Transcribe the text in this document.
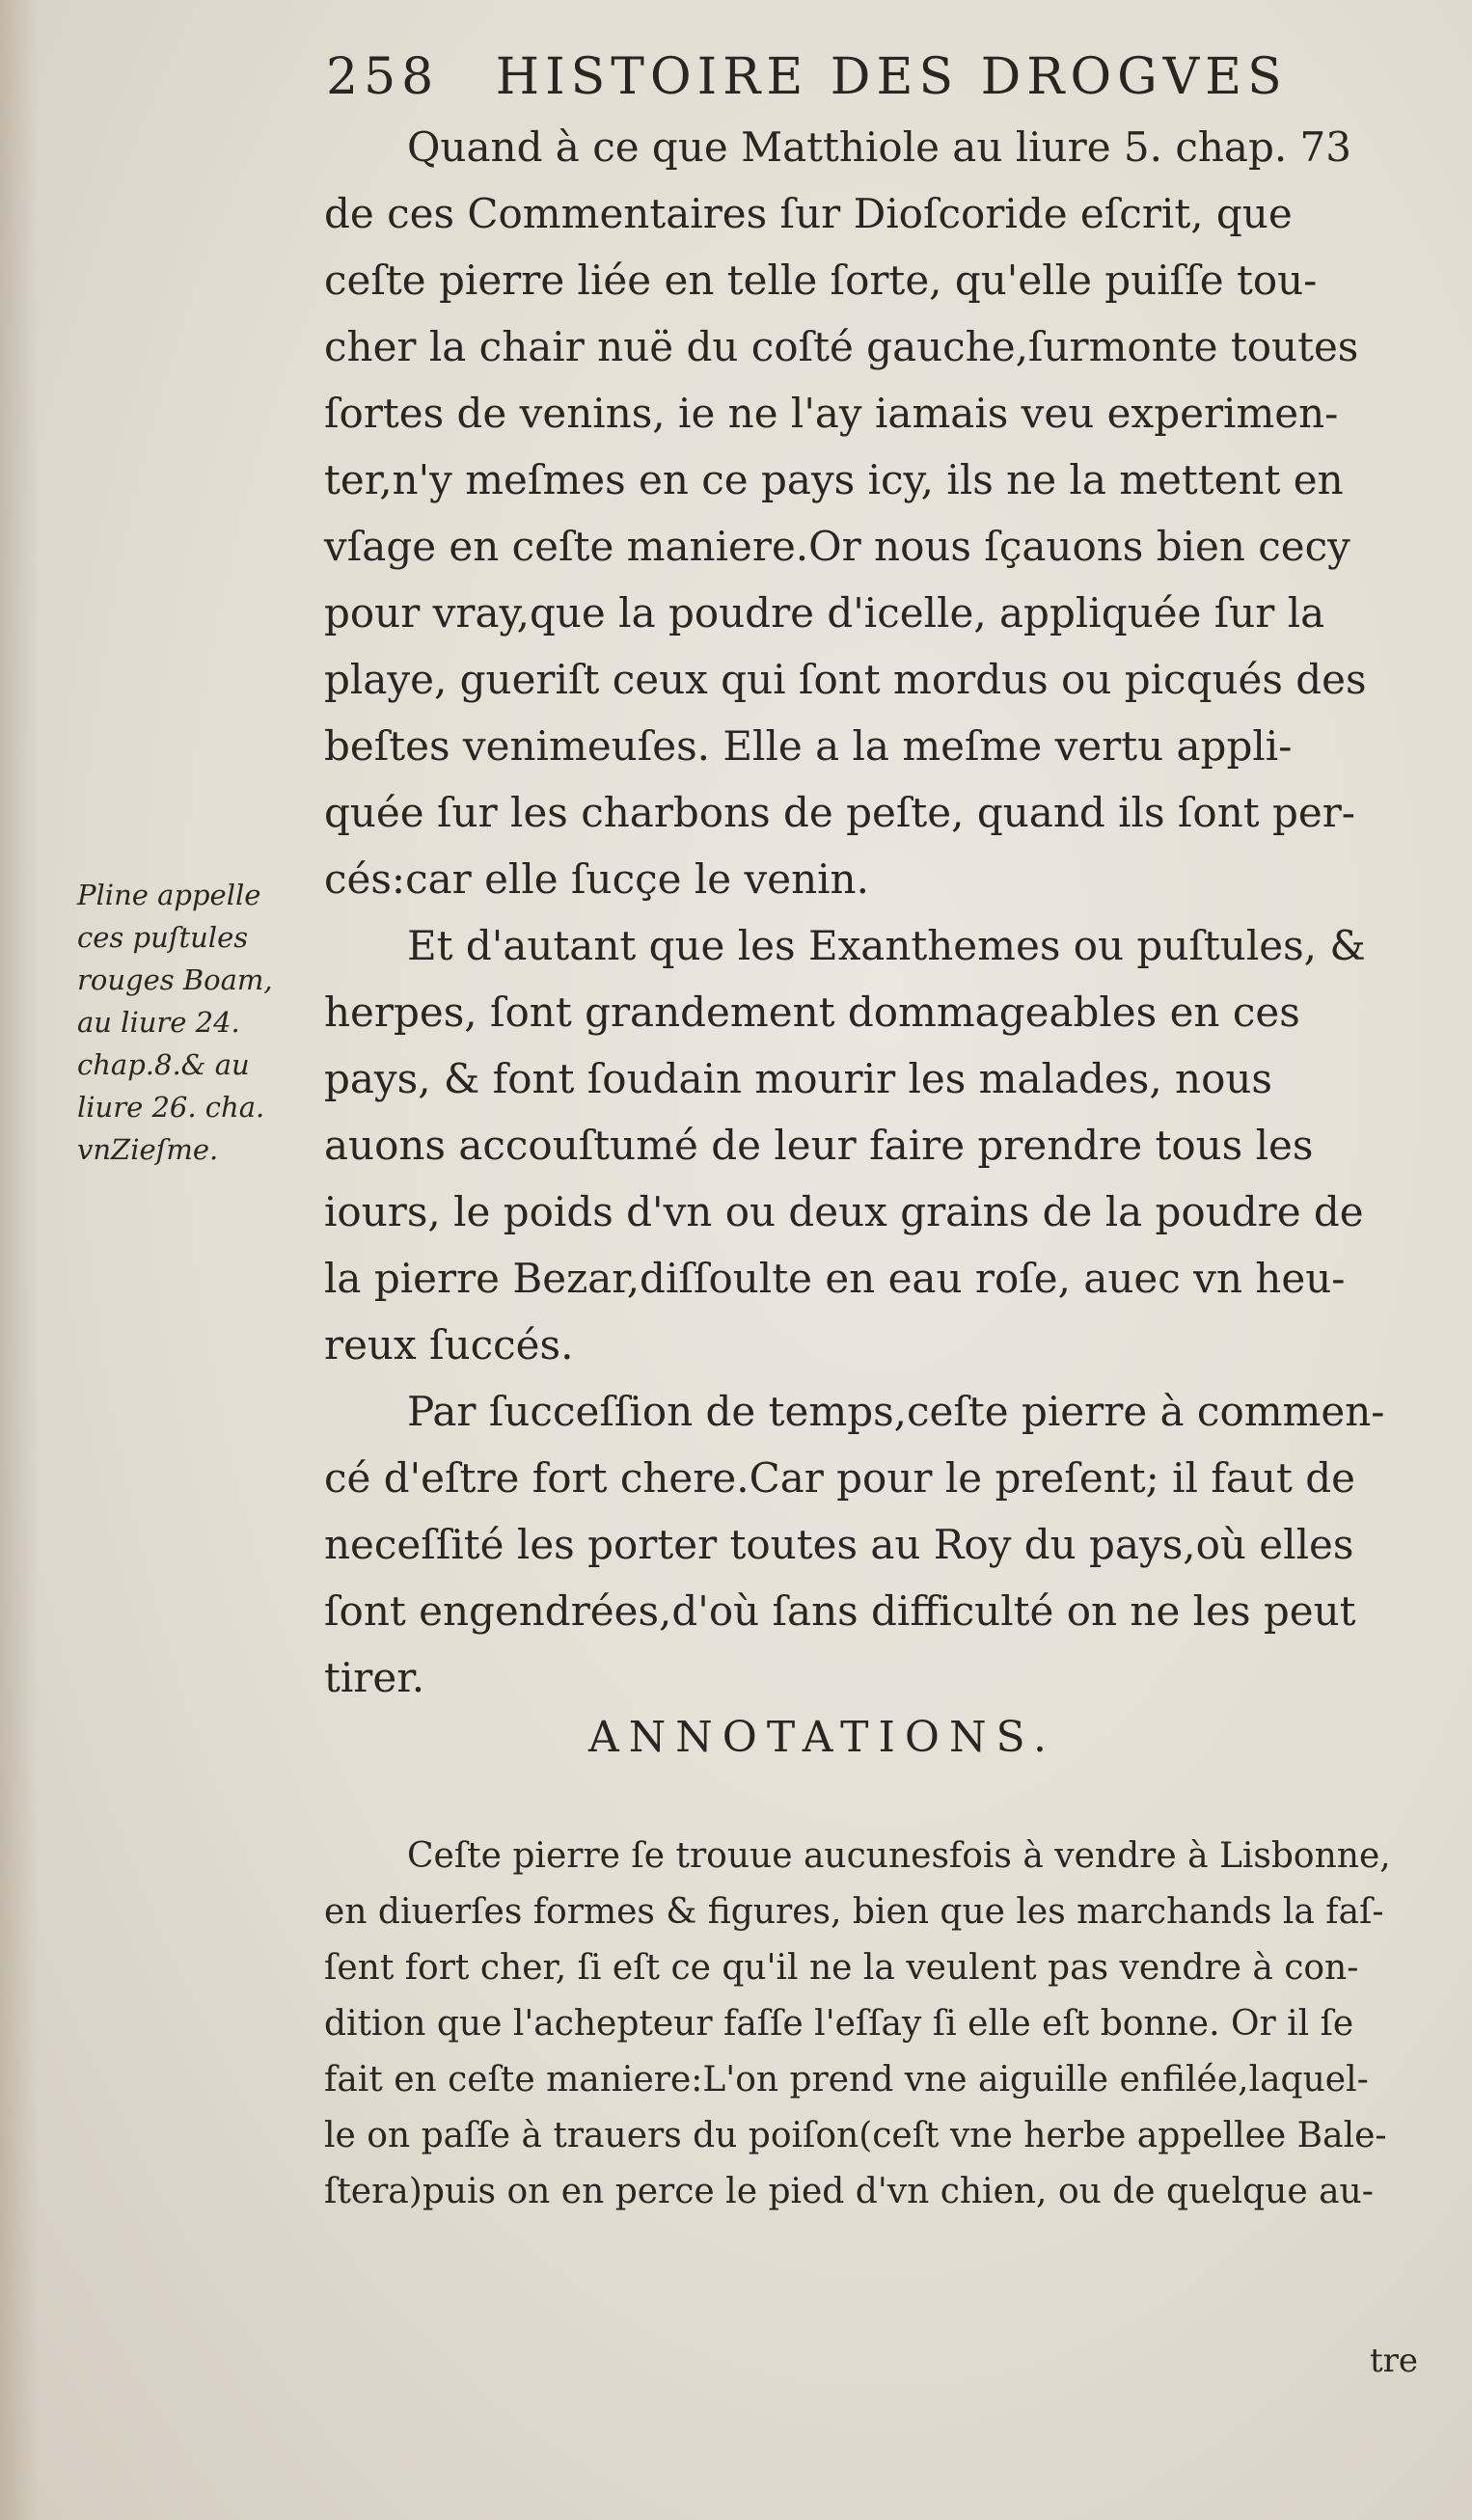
258 HISTOIRE DES DROGVES
Quand à ce que Matthiole au liure 5. chap. 73
de ces Commentaires ſur Dioſcoride eſcrit, que
ceſte pierre liée en telle ſorte, qu'elle puiſſe tou-
cher la chair nuë du coſté gauche,ſurmonte toutes
ſortes de venins, ie ne l'ay iamais veu experimen-
ter,n'y meſmes en ce pays icy, ils ne la mettent en
vſage en ceſte maniere.Or nous ſçauons bien cecy
pour vray,que la poudre d'icelle, appliquée ſur la
playe, gueriſt ceux qui ſont mordus ou picqués des
beſtes venimeuſes. Elle a la meſme vertu appli-
quée ſur les charbons de peſte, quand ils ſont per-
cés:car elle ſucçe le venin.
Et d'autant que les Exanthemes ou puſtules, &
herpes, ſont grandement dommageables en ces
pays, & font ſoudain mourir les malades, nous
auons accouſtumé de leur faire prendre tous les
iours, le poids d'vn ou deux grains de la poudre de
la pierre Bezar,diſſoulte en eau roſe, auec vn heu-
reux ſuccés.
Par ſucceſſion de temps,ceſte pierre à commen-
cé d'eſtre fort chere.Car pour le preſent; il faut de
neceſſité les porter toutes au Roy du pays,où elles
ſont engendrées,d'où ſans difficulté on ne les peut
tirer.
Pline appelle
ces puſtules
rouges Boam,
au liure 24.
chap.8.& au
liure 26. cha.
vnZieſme.
ANNOTATIONS.
Ceſte pierre ſe trouue aucunesfois à vendre à Lisbonne,
en diuerſes formes & figures, bien que les marchands la faſ-
ſent fort cher, ſi eſt ce qu'il ne la veulent pas vendre à con-
dition que l'achepteur faſſe l'eſſay ſi elle eſt bonne. Or il ſe
fait en ceſte maniere:L'on prend vne aiguille enfilée,laquel-
le on paſſe à trauers du poiſon(ceſt vne herbe appellee Bale-
ſtera)puis on en perce le pied d'vn chien, ou de quelque au-
tre
